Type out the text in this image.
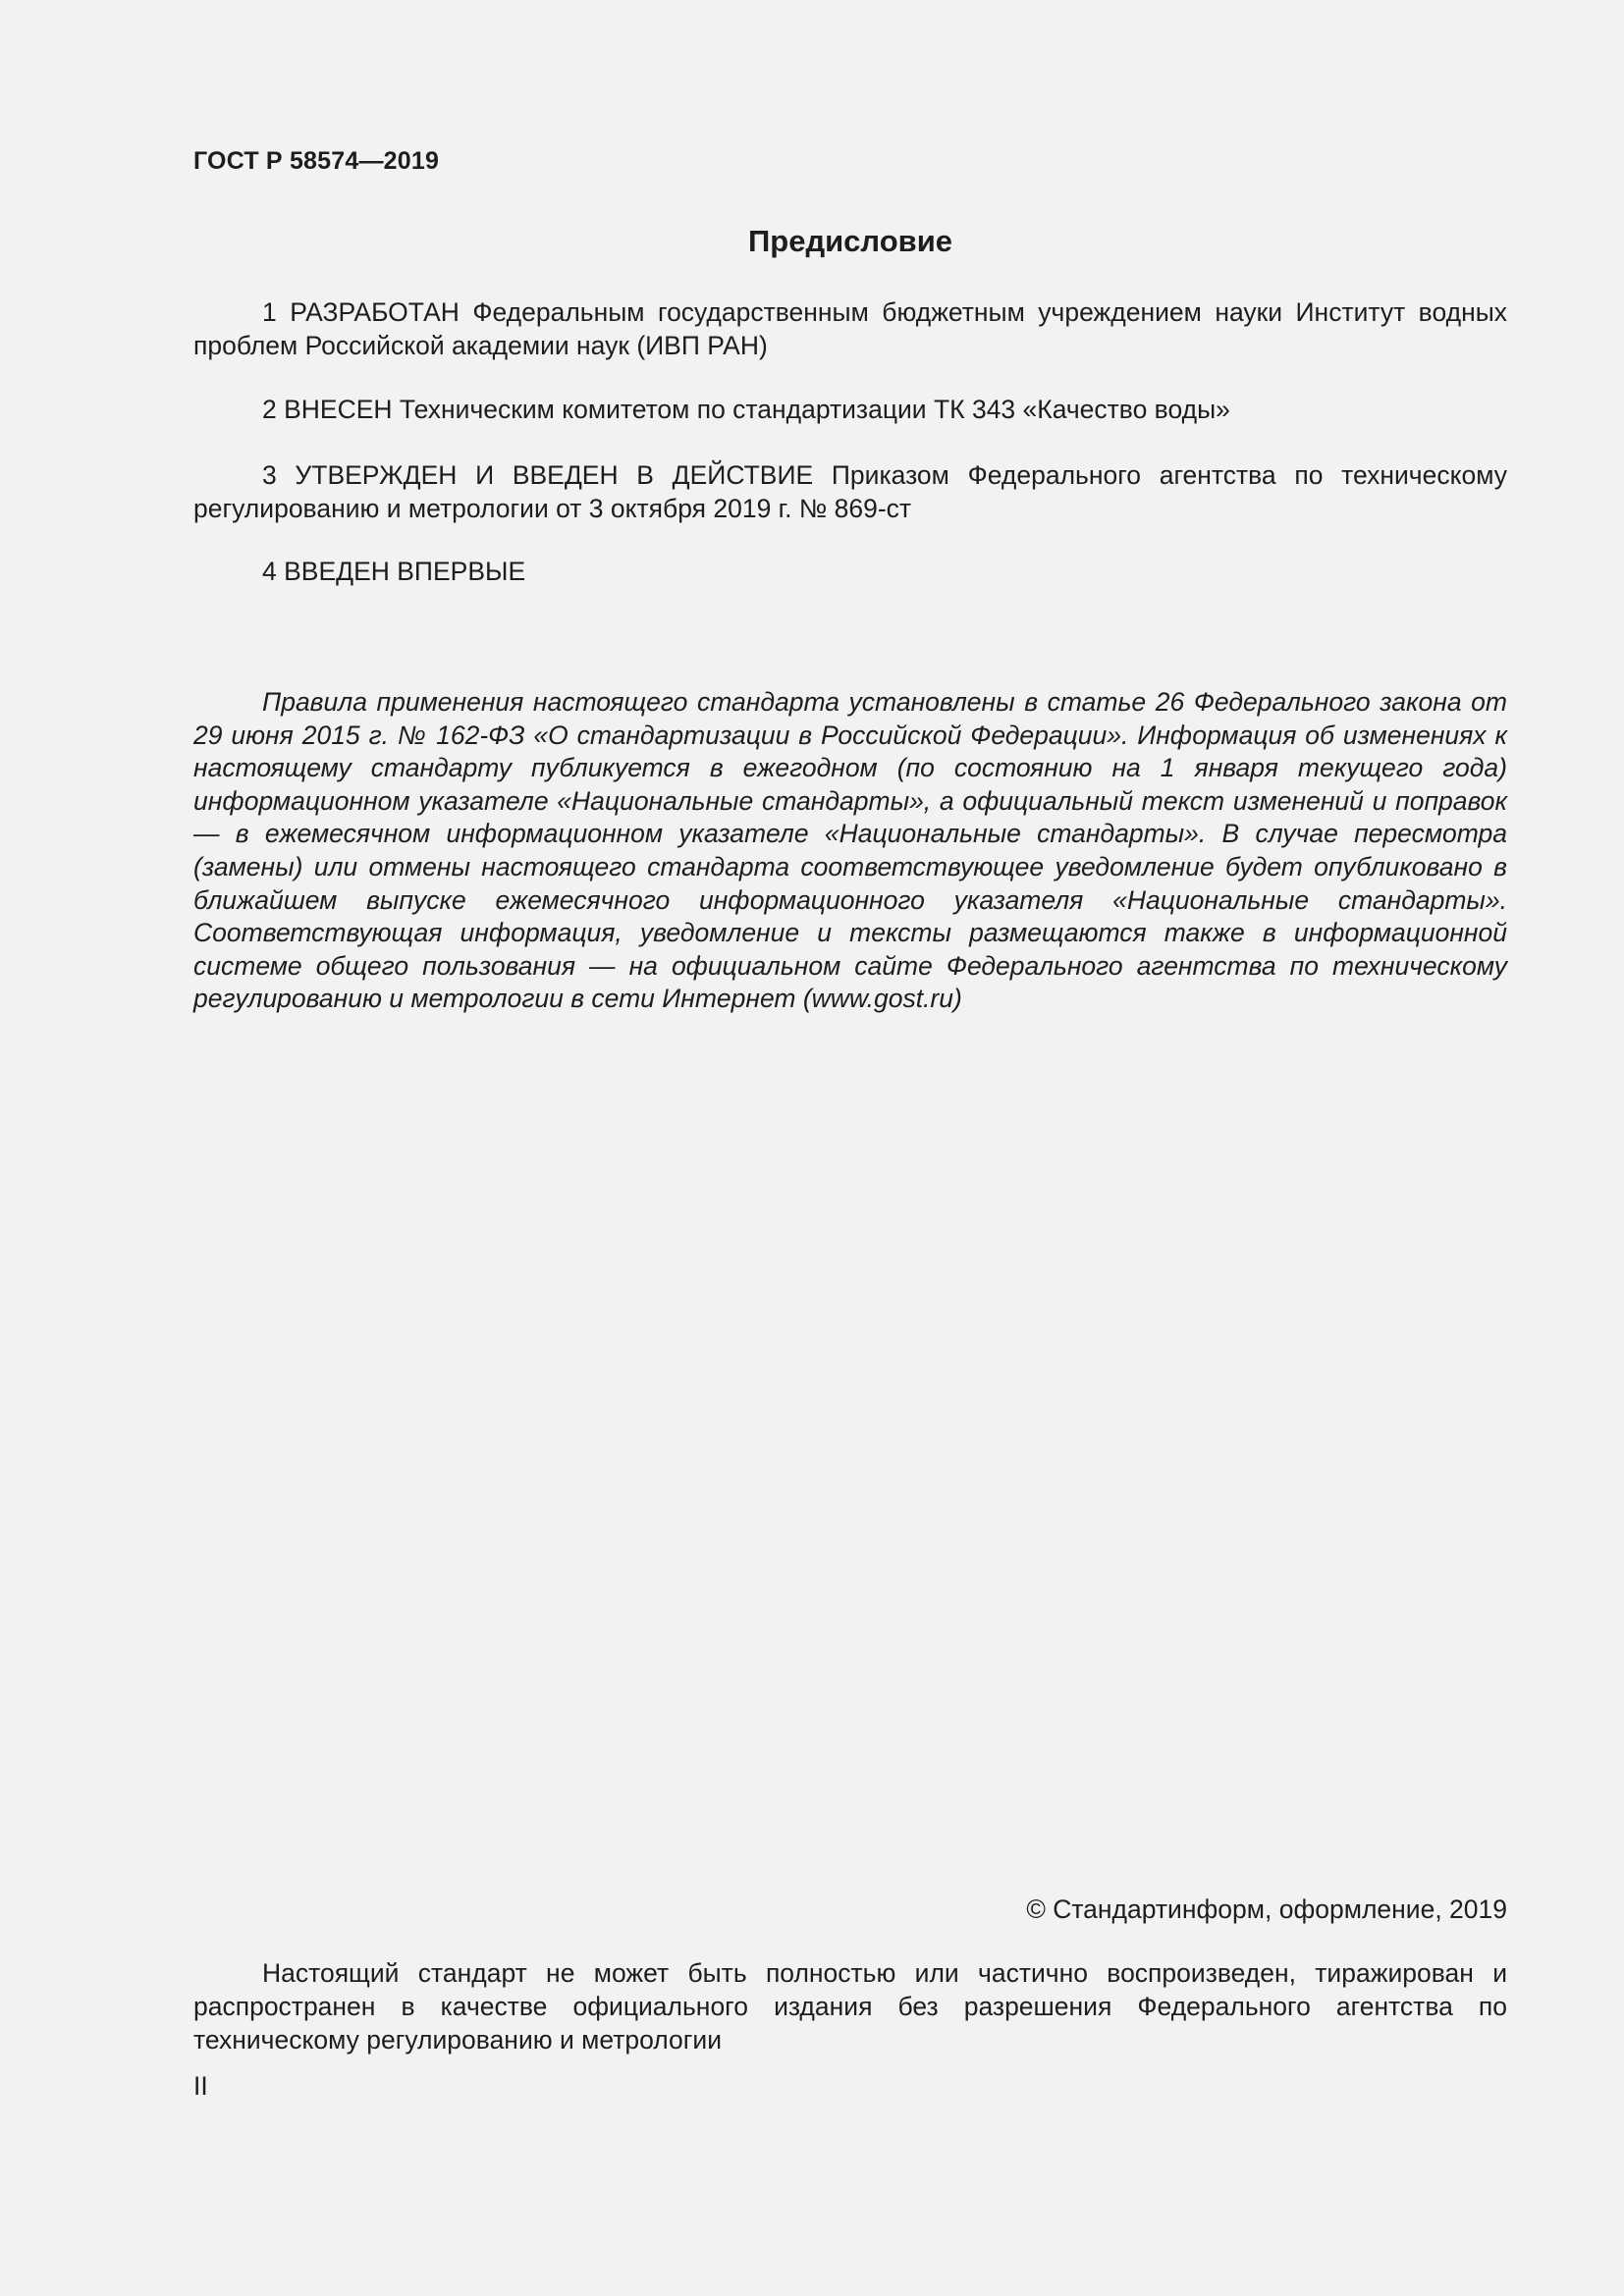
ГОСТ Р 58574—2019
Предисловие

1 РАЗРАБОТАН Федеральным государственным бюджетным учреждением науки Институт водных проблем Российской академии наук (ИВП РАН)

2 ВНЕСЕН Техническим комитетом по стандартизации ТК 343 «Качество воды»

3 УТВЕРЖДЕН И ВВЕДЕН В ДЕЙСТВИЕ Приказом Федерального агентства по техническому регулированию и метрологии от 3 октября 2019 г. № 869-ст

4 ВВЕДЕН ВПЕРВЫЕ

Правила применения настоящего стандарта установлены в статье 26 Федерального закона от 29 июня 2015 г. № 162-ФЗ «О стандартизации в Российской Федерации». Информация об изменениях к настоящему стандарту публикуется в ежегодном (по состоянию на 1 января текущего года) информационном указателе «Национальные стандарты», а официальный текст изменений и поправок — в ежемесячном информационном указателе «Национальные стандарты». В случае пересмотра (замены) или отмены настоящего стандарта соответствующее уведомление будет опубликовано в ближайшем выпуске ежемесячного информационного указателя «Национальные стандарты». Соответствующая информация, уведомление и тексты размещаются также в информационной системе общего пользования — на официальном сайте Федерального агентства по техническому регулированию и метрологии в сети Интернет (www.gost.ru)

© Стандартинформ, оформление, 2019

Настоящий стандарт не может быть полностью или частично воспроизведен, тиражирован и распространен в качестве официального издания без разрешения Федерального агентства по техническому регулированию и метрологии

II
